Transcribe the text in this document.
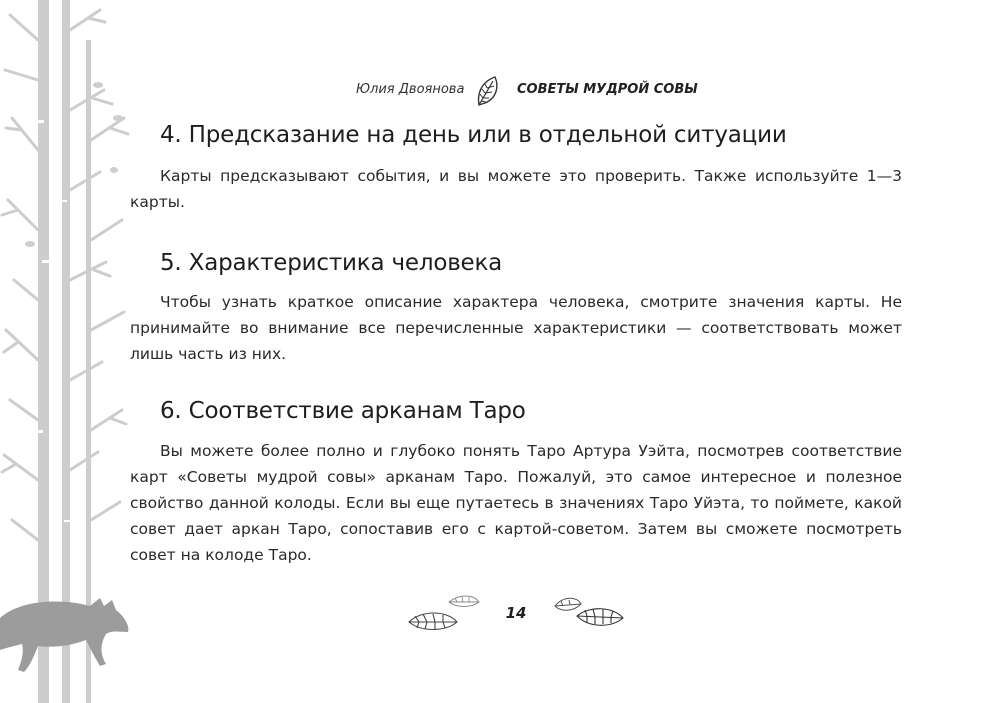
Юлия Двоянова	СОВЕТЫ МУДРОЙ СОВЫ
4. Предсказание на день или в отдельной ситуации

Карты предсказывают события, и вы можете это проверить. Также используйте 1—3 карты.

5. Характеристика человека

Чтобы узнать краткое описание характера человека, смотрите значения карты. Не принимайте во внимание все перечисленные характеристики — соответствовать может лишь часть из них.

6. Соответствие арканам Таро

Вы можете более полно и глубоко понять Таро Артура Уэйта, посмотрев соответствие карт «Советы мудрой совы» арканам Таро. Пожалуй, это самое интересное и полезное свойство данной колоды. Если вы еще путаетесь в значениях Таро Уйэта, то поймете, какой совет дает аркан Таро, сопоставив его с картой-советом. Затем вы сможете посмотреть совет на колоде Таро.

14
